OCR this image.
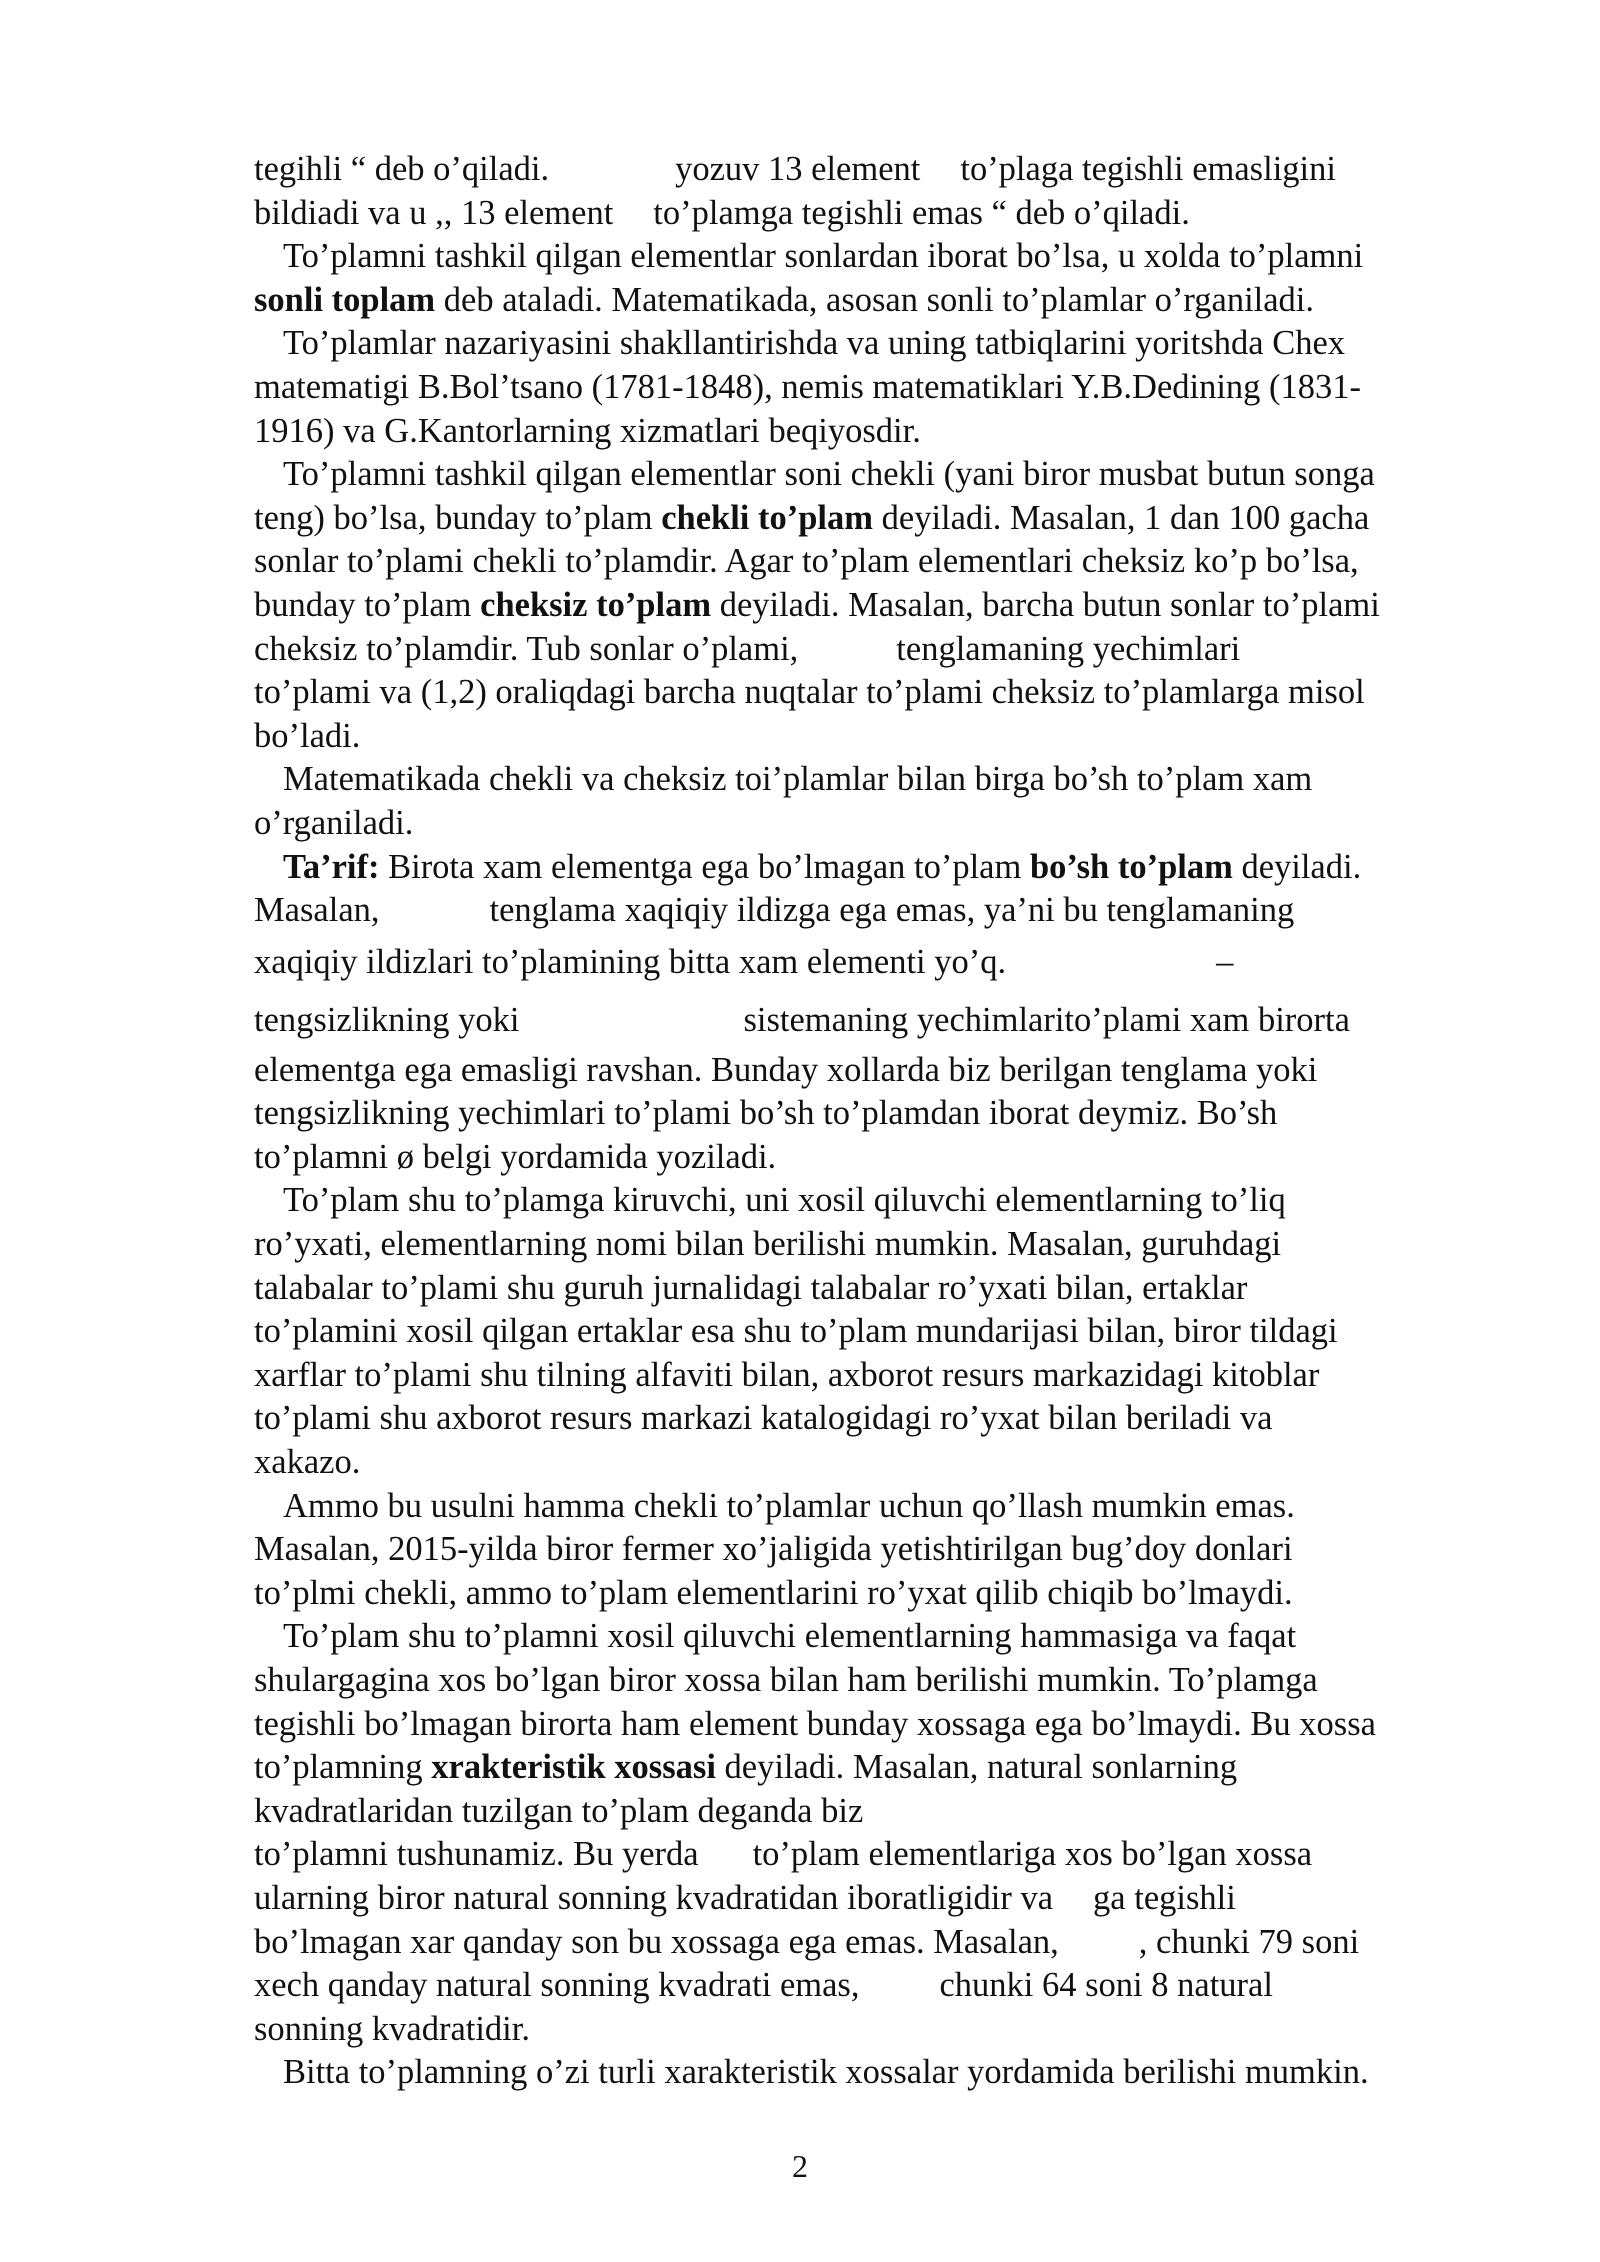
tegihli “ deb o’qiladi.	yozuv 13 element to’plaga tegishli emasligini
bildiadi va u ,, 13 element to’plamga tegishli emas “ deb o’qiladi.
To’plamni tashkil qilgan elementlar sonlardan iborat bo’lsa, u xolda to’plamni
sonli toplam deb ataladi. Matematikada, asosan sonli to’plamlar o’rganiladi.
To’plamlar nazariyasini shakllantirishda va uning tatbiqlarini yoritshda Chex
matematigi B.Bol’tsano (1781-1848), nemis matematiklari Y.B.Dedining (1831-
1916) va G.Kantorlarning xizmatlari beqiyosdir.
To’plamni tashkil qilgan elementlar soni chekli (yani biror musbat butun songa
teng) bo’lsa, bunday to’plam chekli to’plam deyiladi. Masalan, 1 dan 100 gacha
sonlar to’plami chekli to’plamdir. Agar to’plam elementlari cheksiz ko’p bo’lsa,
bunday to’plam cheksiz to’plam deyiladi. Masalan, barcha butun sonlar to’plami
cheksiz to’plamdir. Tub sonlar o’plami,	tenglamaning yechimlari
to’plami va (1,2) oraliqdagi barcha nuqtalar to’plami cheksiz to’plamlarga misol
bo’ladi.
Matematikada chekli va cheksiz toi’plamlar bilan birga bo’sh to’plam xam
o’rganiladi.
Ta’rif: Birota xam elementga ega bo’lmagan to’plam bo’sh to’plam deyiladi.
Masalan,	tenglama xaqiqiy ildizga ega emas, ya’ni bu tenglamaning
xaqiqiy ildizlari to’plamining bitta xam elementi yo’q.	–
tengsizlikning yoki	sistemaning yechimlarito’plami xam birorta
elementga ega emasligi ravshan. Bunday xollarda biz berilgan tenglama yoki
tengsizlikning yechimlari to’plami bo’sh to’plamdan iborat deymiz. Bo’sh
to’plamni ø belgi yordamida yoziladi.
To’plam shu to’plamga kiruvchi, uni xosil qiluvchi elementlarning to’liq
ro’yxati, elementlarning nomi bilan berilishi mumkin. Masalan, guruhdagi
talabalar to’plami shu guruh jurnalidagi talabalar ro’yxati bilan, ertaklar
to’plamini xosil qilgan ertaklar esa shu to’plam mundarijasi bilan, biror tildagi
xarflar to’plami shu tilning alfaviti bilan, axborot resurs markazidagi kitoblar
to’plami shu axborot resurs markazi katalogidagi ro’yxat bilan beriladi va
xakazo.
Ammo bu usulni hamma chekli to’plamlar uchun qo’llash mumkin emas.
Masalan, 2015-yilda biror fermer xo’jaligida yetishtirilgan bug’doy donlari
to’plmi chekli, ammo to’plam elementlarini ro’yxat qilib chiqib bo’lmaydi.
To’plam shu to’plamni xosil qiluvchi elementlarning hammasiga va faqat
shulargagina xos bo’lgan biror xossa bilan ham berilishi mumkin. To’plamga
tegishli bo’lmagan birorta ham element bunday xossaga ega bo’lmaydi. Bu xossa
to’plamning xrakteristik xossasi deyiladi. Masalan, natural sonlarning
kvadratlaridan tuzilgan to’plam deganda biz
to’plamni tushunamiz. Bu yerda to’plam elementlariga xos bo’lgan xossa
ularning biror natural sonning kvadratidan iboratligidir va ga tegishli
bo’lmagan xar qanday son bu xossaga ega emas. Masalan, , chunki 79 soni
xech qanday natural sonning kvadrati emas, chunki 64 soni 8 natural
sonning kvadratidir.
Bitta to’plamning o’zi turli xarakteristik xossalar yordamida berilishi mumkin.
2
